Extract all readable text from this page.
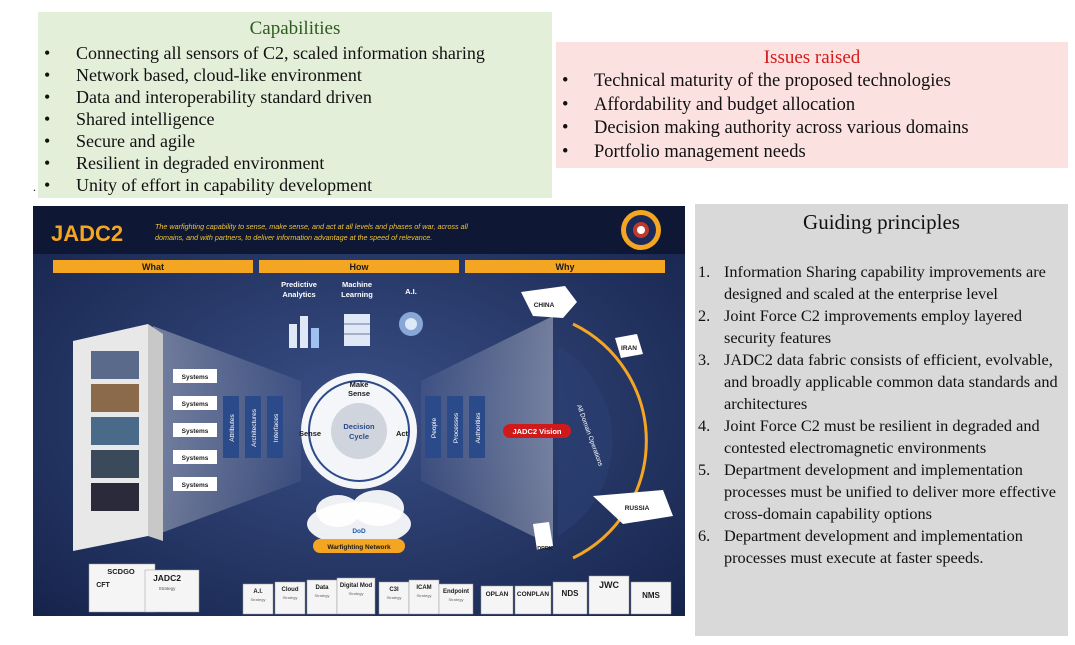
Capabilities
• Connecting all sensors of C2, scaled information sharing
• Network based, cloud-like environment
• Data and interoperability standard driven
• Shared intelligence
• Secure and agile
• Resilient in degraded environment
• Unity of effort in capability development
.
Issues raised
• Technical maturity of the proposed technologies
• Affordability and budget allocation
• Decision making authority across various domains
• Portfolio management needs
Guiding principles
1. Information Sharing capability improvements are designed and scaled at the enterprise level
2. Joint Force C2 improvements employ layered security features
3. JADC2 data fabric consists of efficient, evolvable, and broadly applicable common data standards and architectures
4. Joint Force C2 must be resilient in degraded and contested electromagnetic environments
5. Department development and implementation processes must be unified to deliver more effective cross-domain capability options
6. Department development and implementation processes must execute at faster speeds.
JADC2	The warfighting capability to sense, make sense, and act at all levels and phases of war, across all
domains, and with partners, to deliver information advantage at the speed of relevance.
What	How	Why
Systems
Systems
Systems
Systems
Systems
Attributes Architectures Interfaces	People Processes Authorities
Predictive
Analytics
Machine
Learning	A.I.
Make
Sense
Decision
Cycle
Sense	Act	All Domain Operations
JADC2 Vision
CHINA
IRAN
RUSSIA
DPRK
DoD
Warfighting Network
SCDGO
CFT
JADC2
Strategy
A.I.
Strategy
Cloud
Strategy
Data
Strategy
Digital Mod
Strategy
C3I
Strategy
ICAM
Strategy
Endpoint
Strategy
OPLAN CONPLAN NDS
JWC
NMS
